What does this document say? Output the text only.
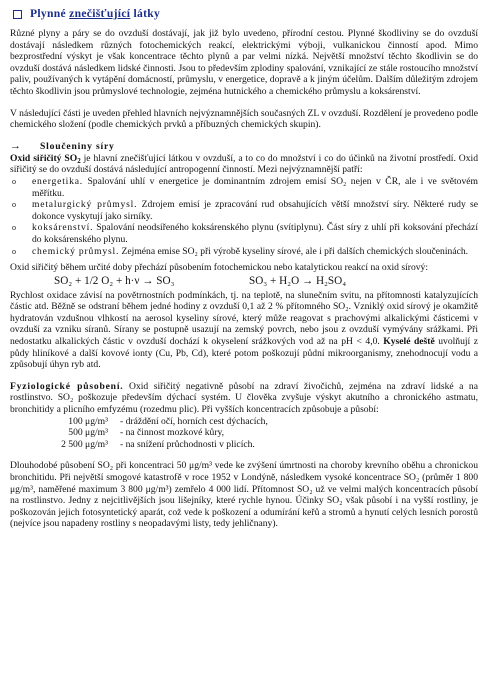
Plynné znečišťující látky

Různé plyny a páry se do ovzduší dostávají, jak již bylo uvedeno, přírodní cestou. Plynné škodliviny se do ovzduší dostávají následkem různých fotochemických reakcí, elektrickými výboji, vulkanickou činností apod. Mimo bezprostřední výskyt je však koncentrace těchto plynů a par velmi nízká. Největší množství těchto škodlivin se do ovzduší dostává následkem lidské činnosti. Jsou to především zplodiny spalování, vznikající ze stále rostoucího množství paliv, používaných k vytápění domácností, průmyslu, v energetice, dopravě a k jiným účelům. Dalším důležitým zdrojem těchto škodlivin jsou průmyslové technologie, zejména hutnického a chemického průmyslu a koksárenství.

V následující části je uveden přehled hlavních nejvýznamnějších současných ZL v ovzduší. Rozdělení je provedeno podle chemického složení (podle chemických prvků a příbuzných chemických skupin).

→	Sloučeniny síry

Oxid siřičitý $SO_2$ je hlavní znečišťující látkou v ovzduší, a to co do množství i co do účinků na životní prostředí. Oxid siřičitý se do ovzduší dostává následující antropogenní činností. Mezi nejvýznamnější patří:

o	energetika. Spalování uhlí v energetice je dominantním zdrojem emisí SO₂ nejen v ČR, ale i ve světovém měřítku.
o	metalurgický průmysl. Zdrojem emisí je zpracování rud obsahujících větší množství síry. Některé rudy se dokonce vyskytují jako sirníky.
o	koksárenství. Spalování neodsířeného koksárenského plynu (svítiplynu). Část síry z uhlí při koksování přechází do koksárenského plynu.
o	chemický průmysl. Zejména emise SO₂ při výrobě kyseliny sírové, ale i při dalších chemických sloučeninách.

Oxid siřičitý během určité doby přechází působením fotochemickou nebo katalytickou reakcí na oxid sírový:

SO₂ + 1/2 O₂ + h·ν → SO₃	SO₃ + H₂O → H₂SO₄

Rychlost oxidace závisí na povětrnostních podmínkách, tj. na teplotě, na slunečním svitu, na přítomnosti katalyzujících částic atd. Běžně se odstraní během jedné hodiny z ovzduší 0,1 až 2 % přítomného SO₂. Vzniklý oxid sírový je okamžitě hydratován vzdušnou vlhkostí na aerosol kyseliny sírové, který může reagovat s prachovými alkalickými částicemi v ovzduší za vzniku síranů. Sírany se postupně usazují na zemský povrch, nebo jsou z ovzduší vymývány srážkami. Při nedostatku alkalických částic v ovzduší dochází k okyselení srážkových vod až na pH < 4,0. Kyselé deště uvolňují z půdy hliníkové a další kovové ionty (Cu, Pb, Cd), které potom poškozují půdní mikroorganismy, znehodnocují vodu a způsobují úhyn ryb atd.

Fyziologické působení. Oxid siřičitý negativně působí na zdraví živočichů, zejména na zdraví lidské a na rostlinstvo. SO₂ poškozuje především dýchací systém. U člověka zvyšuje výskyt akutního a chronického astmatu, bronchitidy a plicního emfyzému (rozedmu plic). Při vyšších koncentracích způsobuje a působí:

100 μg/m³	- dráždění očí, horních cest dýchacích,
500 μg/m³	- na činnost mozkové kůry,
2 500 μg/m³	- na snížení průchodnosti v plicích.

Dlouhodobé působení SO₂ při koncentraci 50 μg/m³ vede ke zvýšení úmrtnosti na choroby krevního oběhu a chronickou bronchitidu. Při největší smogové katastrofě v roce 1952 v Londýně, následkem vysoké koncentrace SO₂ (průměr 1 800 μg/m³, naměřené maximum 3 800 μg/m³) zemřelo 4 000 lidí. Přítomnost SO₂ už ve velmi malých koncentracích působí na rostlinstvo. Jedny z nejcitlivějších jsou lišejníky, které rychle hynou. Účinky SO₂ však působí i na vyšší rostliny, je poškozován jejich fotosyntetický aparát, což vede k poškození a odumírání keřů a stromů a hynutí celých lesních porostů (nejvíce jsou napadeny rostliny s neopadavými listy, tedy jehličnany).
